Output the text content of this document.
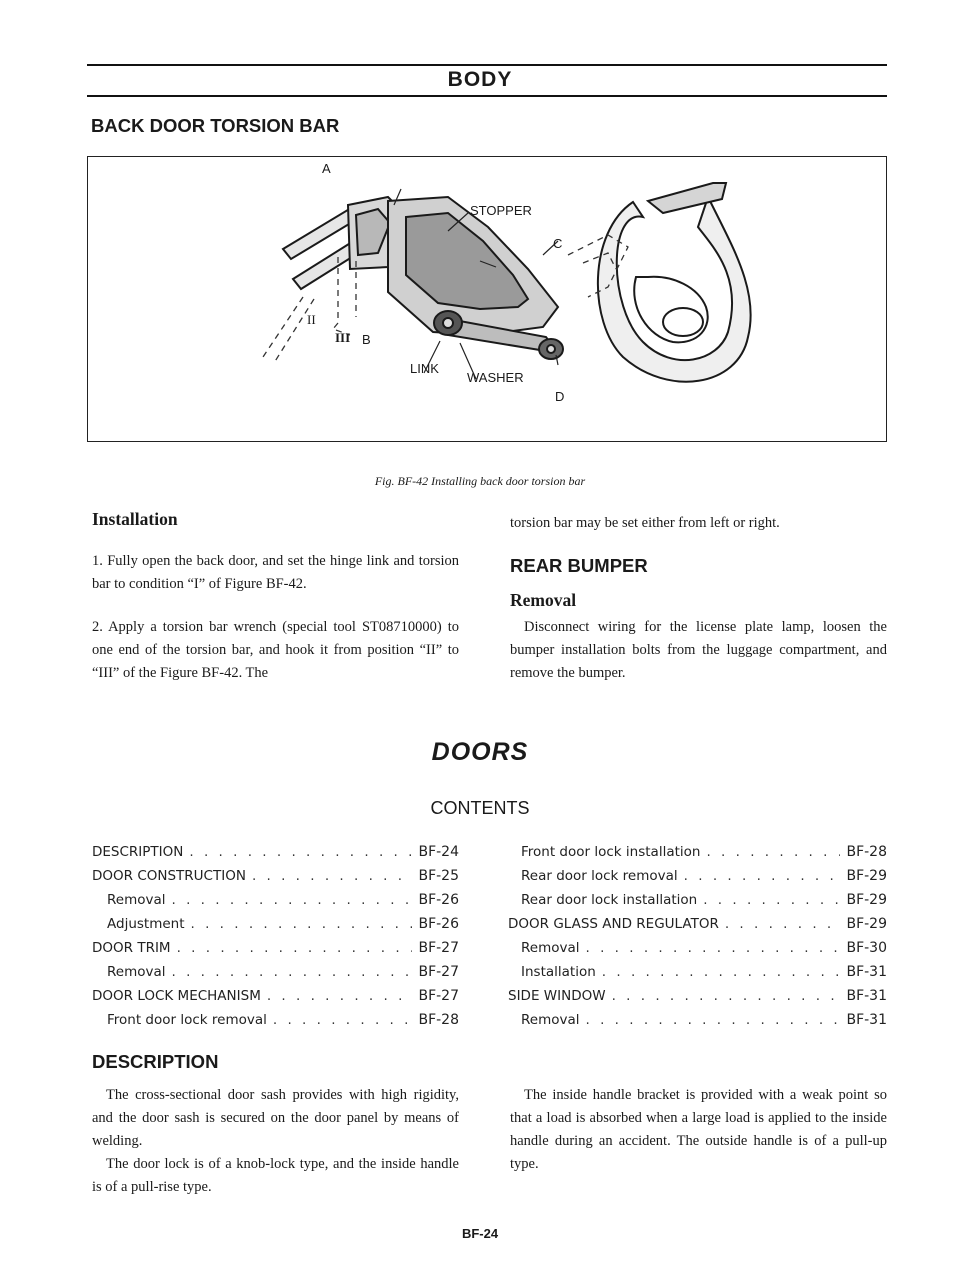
BODY
BACK DOOR TORSION BAR
A
STOPPER
C
II
III B
LINK
WASHER
D
Fig. BF-42 Installing back door torsion bar
Installation
1. Fully open the back door, and set the hinge link and torsion bar to condition “I” of Figure BF-42.
2. Apply a torsion bar wrench (special tool ST08710000) to one end of the torsion bar, and hook it from position “II” to “III” of the Figure BF-42. The
torsion bar may be set either from left or right.
REAR BUMPER
Removal
Disconnect wiring for the license plate lamp, loosen the bumper installation bolts from the luggage compartment, and remove the bumper.
DOORS
CONTENTS
DESCRIPTION . . .	BF-24
DOOR CONSTRUCTION . . .	BF-25
Removal . . .	BF-26
Adjustment . . .	BF-26
DOOR TRIM . . .	BF-27
Removal . . .	BF-27
DOOR LOCK MECHANISM . . .	BF-27
Front door lock removal . . .	BF-28
Front door lock installation . . .	BF-28
Rear door lock removal . . .	BF-29
Rear door lock installation . . .	BF-29
DOOR GLASS AND REGULATOR . . .	BF-29
Removal . . .	BF-30
Installation . . .	BF-31
SIDE WINDOW . . .	BF-31
Removal . . .	BF-31
DESCRIPTION
The cross-sectional door sash provides with high rigidity, and the door sash is secured on the door panel by means of welding.
The door lock is of a knob-lock type, and the inside handle is of a pull-rise type.
The inside handle bracket is provided with a weak point so that a load is absorbed when a large load is applied to the inside handle during an accident. The outside handle is of a pull-up type.
BF-24
